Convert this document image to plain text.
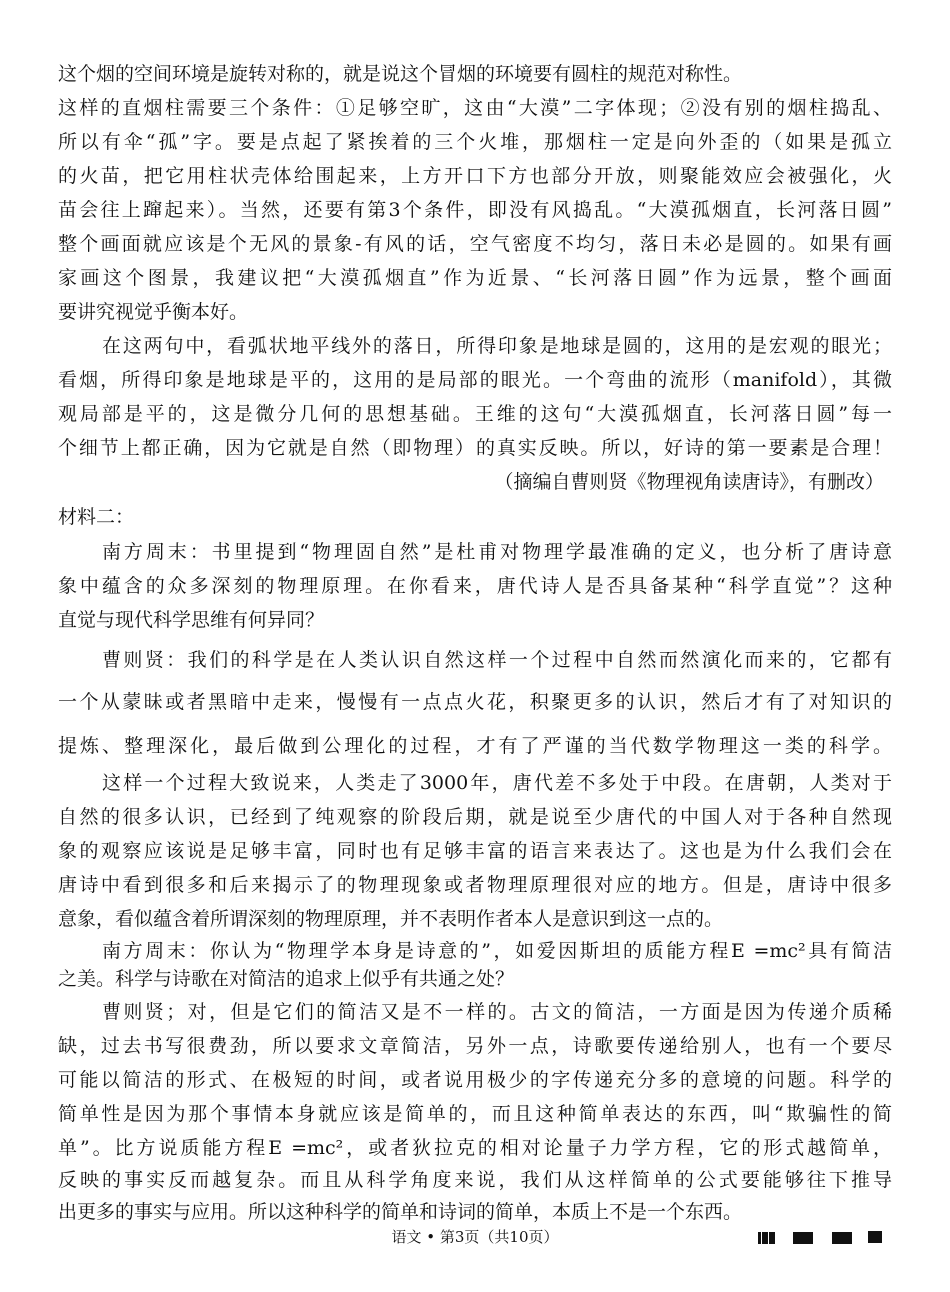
这个烟的空间环境是旋转对称的，就是说这个冒烟的环境要有圆柱的规范对称性。
这样的直烟柱需要三个条件：①足够空旷，这由“大漠”二字体现；②没有别的烟柱捣乱、
所以有伞“孤”字。要是点起了紧挨着的三个火堆，那烟柱一定是向外歪的（如果是孤立
的火苗，把它用柱状壳体给围起来，上方开口下方也部分开放，则聚能效应会被强化，火
苗会往上蹿起来）。当然，还要有第3个条件，即没有风捣乱。“大漠孤烟直，长河落日圆”
整个画面就应该是个无风的景象-有风的话，空气密度不均匀，落日未必是圆的。如果有画
家画这个图景，我建议把“大漠孤烟直”作为近景、“长河落日圆”作为远景，整个画面
要讲究视觉乎衡本好。
在这两句中，看弧状地平线外的落日，所得印象是地球是圆的，这用的是宏观的眼光；
看烟，所得印象是地球是平的，这用的是局部的眼光。一个弯曲的流形（manifold），其微
观局部是平的，这是微分几何的思想基础。王维的这句“大漠孤烟直，长河落日圆”每一
个细节上都正确，因为它就是自然（即物理）的真实反映。所以，好诗的第一要素是合理！
（摘编自曹则贤《物理视角读唐诗》，有删改）
材料二：
南方周末：书里提到“物理固自然”是杜甫对物理学最准确的定义，也分析了唐诗意
象中蕴含的众多深刻的物理原理。在你看来，唐代诗人是否具备某种“科学直觉”？这种
直觉与现代科学思维有何异同？
曹则贤：我们的科学是在人类认识自然这样一个过程中自然而然演化而来的，它都有
一个从蒙昧或者黑暗中走来，慢慢有一点点火花，积聚更多的认识，然后才有了对知识的
提炼、整理深化，最后做到公理化的过程，才有了严谨的当代数学物理这一类的科学。
这样一个过程大致说来，人类走了3000年，唐代差不多处于中段。在唐朝，人类对于
自然的很多认识，已经到了纯观察的阶段后期，就是说至少唐代的中国人对于各种自然现
象的观察应该说是足够丰富，同时也有足够丰富的语言来表达了。这也是为什么我们会在
唐诗中看到很多和后来揭示了的物理现象或者物理原理很对应的地方。但是，唐诗中很多
意象，看似蕴含着所谓深刻的物理原理，并不表明作者本人是意识到这一点的。
南方周末：你认为“物理学本身是诗意的”，如爱因斯坦的质能方程E =mc²具有简洁
之美。科学与诗歌在对简洁的追求上似乎有共通之处？
曹则贤；对，但是它们的简洁又是不一样的。古文的简洁，一方面是因为传递介质稀
缺，过去书写很费劲，所以要求文章简洁，另外一点，诗歌要传递给别人，也有一个要尽
可能以简洁的形式、在极短的时间，或者说用极少的字传递充分多的意境的问题。科学的
简单性是因为那个事情本身就应该是简单的，而且这种简单表达的东西，叫“欺骗性的简
单”。比方说质能方程E =mc²，或者狄拉克的相对论量子力学方程，它的形式越简单，
反映的事实反而越复杂。而且从科学角度来说，我们从这样简单的公式要能够往下推导
出更多的事实与应用。所以这种科学的简单和诗词的简单，本质上不是一个东西。
语文 • 第3页（共10页）
